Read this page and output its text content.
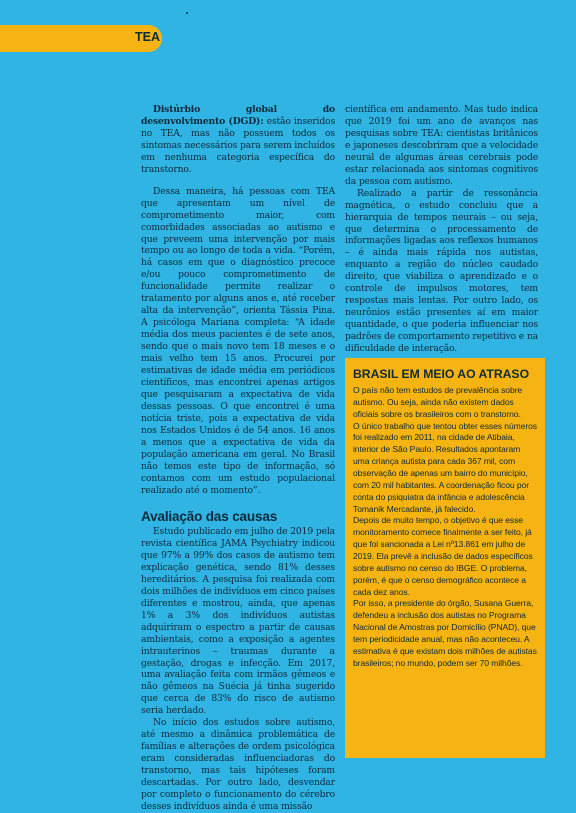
TEA

Distúrbio global do desenvolvimento (DGD): estão inseridos no TEA, mas não possuem todos os sintomas necessários para serem incluídos em nenhuma categoria específica do transtorno.

Dessa maneira, há pessoas com TEA que apresentam um nível de comprometimento maior, com comorbidades associadas ao autismo e que preveem uma intervenção por mais tempo ou ao longo de toda a vida. “Porém, há casos em que o diagnóstico precoce e/ou pouco comprometimento de funcionalidade permite realizar o tratamento por alguns anos e, até receber alta da intervenção”, orienta Tássia Pina. A psicóloga Mariana completa: “A idade média dos meus pacientes é de sete anos, sendo que o mais novo tem 18 meses e o mais velho tem 15 anos. Procurei por estimativas de idade média em periódicos científicos, mas encontrei apenas artigos que pesquisaram a expectativa de vida dessas pessoas. O que encontrei é uma notícia triste, pois a expectativa de vida nos Estados Unidos é de 54 anos. 16 anos a menos que a expectativa de vida da população americana em geral. No Brasil não temos este tipo de informação, só contamos com um estudo populacional realizado até o momento”.

Avaliação das causas

Estudo publicado em julho de 2019 pela revista científica JAMA Psychiatry indicou que 97% a 99% dos casos de autismo tem explicação genética, sendo 81% desses hereditários. A pesquisa foi realizada com dois milhões de indivíduos em cinco países diferentes e mostrou, ainda, que apenas 1% a 3% dos indivíduos autistas adquiriram o espectro a partir de causas ambientais, como a exposição a agentes intrauterinos – traumas durante a gestação, drogas e infecção. Em 2017, uma avaliação feita com irmãos gêmeos e não gêmeos na Suécia já tinha sugerido que cerca de 83% do risco de autismo seria herdado.

No início dos estudos sobre autismo, até mesmo a dinâmica problemática de famílias e alterações de ordem psicológica eram consideradas influenciadoras do transtorno, mas tais hipóteses foram descartadas. Por outro lado, desvendar por completo o funcionamento do cérebro desses indivíduos ainda é uma missão

científica em andamento. Mas tudo indica que 2019 foi um ano de avanços nas pesquisas sobre TEA: cientistas britânicos e japoneses descobriram que a velocidade neural de algumas áreas cerebrais pode estar relacionada aos sintomas cognitivos da pessoa com autismo.

Realizado a partir de ressonância magnética, o estudo concluiu que a hierarquia de tempos neurais – ou seja, que determina o processamento de informações ligadas aos reflexos humanos – é ainda mais rápida nos autistas, enquanto a região do núcleo caudado direito, que viabiliza o aprendizado e o controle de impulsos motores, tem respostas mais lentas. Por outro lado, os neurônios estão presentes aí em maior quantidade, o que poderia influenciar nos padrões de comportamento repetitivo e na dificuldade de interação.

BRASIL EM MEIO AO ATRASO

O país não tem estudos de prevalência sobre autismo. Ou seja, ainda não existem dados oficiais sobre os brasileiros com o transtorno.

O único trabalho que tentou obter esses números foi realizado em 2011, na cidade de Atibaia, interior de São Paulo. Resultados apontaram uma criança autista para cada 367 mil, com observação de apenas um bairro do município, com 20 mil habitantes. A coordenação ficou por conta do psiquiatra da infância e adolescência Tomanik Mercadante, já falecido.

Depois de muito tempo, o objetivo é que esse monitoramento comece finalmente a ser feito, já que foi sancionada a Lei nº13.861 em julho de 2019. Ela prevê a inclusão de dados específicos sobre autismo no censo do IBGE. O problema, porém, é que o censo demográfico acontece a cada dez anos.

Por isso, a presidente do órgão, Susana Guerra, defendeu a inclusão dos autistas no Programa Nacional de Amostras por Domicílio (PNAD), que tem periodicidade anual, mas não aconteceu. A estimativa é que existam dois milhões de autistas brasileiros; no mundo, podem ser 70 milhões.
